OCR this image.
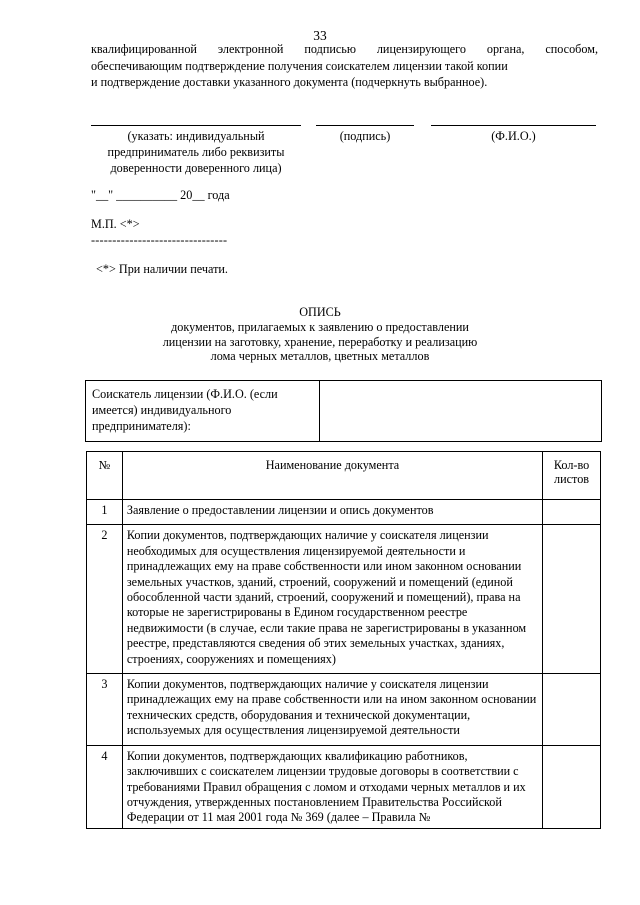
33
квалифицированной электронной подписью лицензирующего органа, способом, обеспечивающим подтверждение получения соискателем лицензии такой копии
и подтверждение доставки указанного документа (подчеркнуть выбранное).
(указать: индивидуальный предприниматель либо реквизиты доверенности доверенного лица)
(подпись)	(Ф.И.О.)
"__" __________ 20__ года
М.П. <*>
--------------------------------
<*> При наличии печати.
ОПИСЬ
документов, прилагаемых к заявлению о предоставлении
лицензии на заготовку, хранение, переработку и реализацию
лома черных металлов, цветных металлов
Соискатель лицензии (Ф.И.О. (если имеется) индивидуального предпринимателя):	
№	Наименование документа	Кол-во листов
1	Заявление о предоставлении лицензии и опись документов	
2	Копии документов, подтверждающих наличие у соискателя лицензии необходимых для осуществления лицензируемой деятельности и принадлежащих ему на праве собственности или ином законном основании земельных участков, зданий, строений, сооружений и помещений (единой обособленной части зданий, строений, сооружений и помещений), права на которые не зарегистрированы в Едином государственном реестре недвижимости (в случае, если такие права не зарегистрированы в указанном реестре, представляются сведения об этих земельных участках, зданиях, строениях, сооружениях и помещениях)	
3	Копии документов, подтверждающих наличие у соискателя лицензии принадлежащих ему на праве собственности или на ином законном основании технических средств, оборудования и технической документации, используемых для осуществления лицензируемой деятельности	
4	Копии документов, подтверждающих квалификацию работников, заключивших с соискателем лицензии трудовые договоры в соответствии с требованиями Правил обращения с ломом и отходами черных металлов и их отчуждения, утвержденных постановлением Правительства Российской Федерации от 11 мая 2001 года № 369 (далее – Правила №	
